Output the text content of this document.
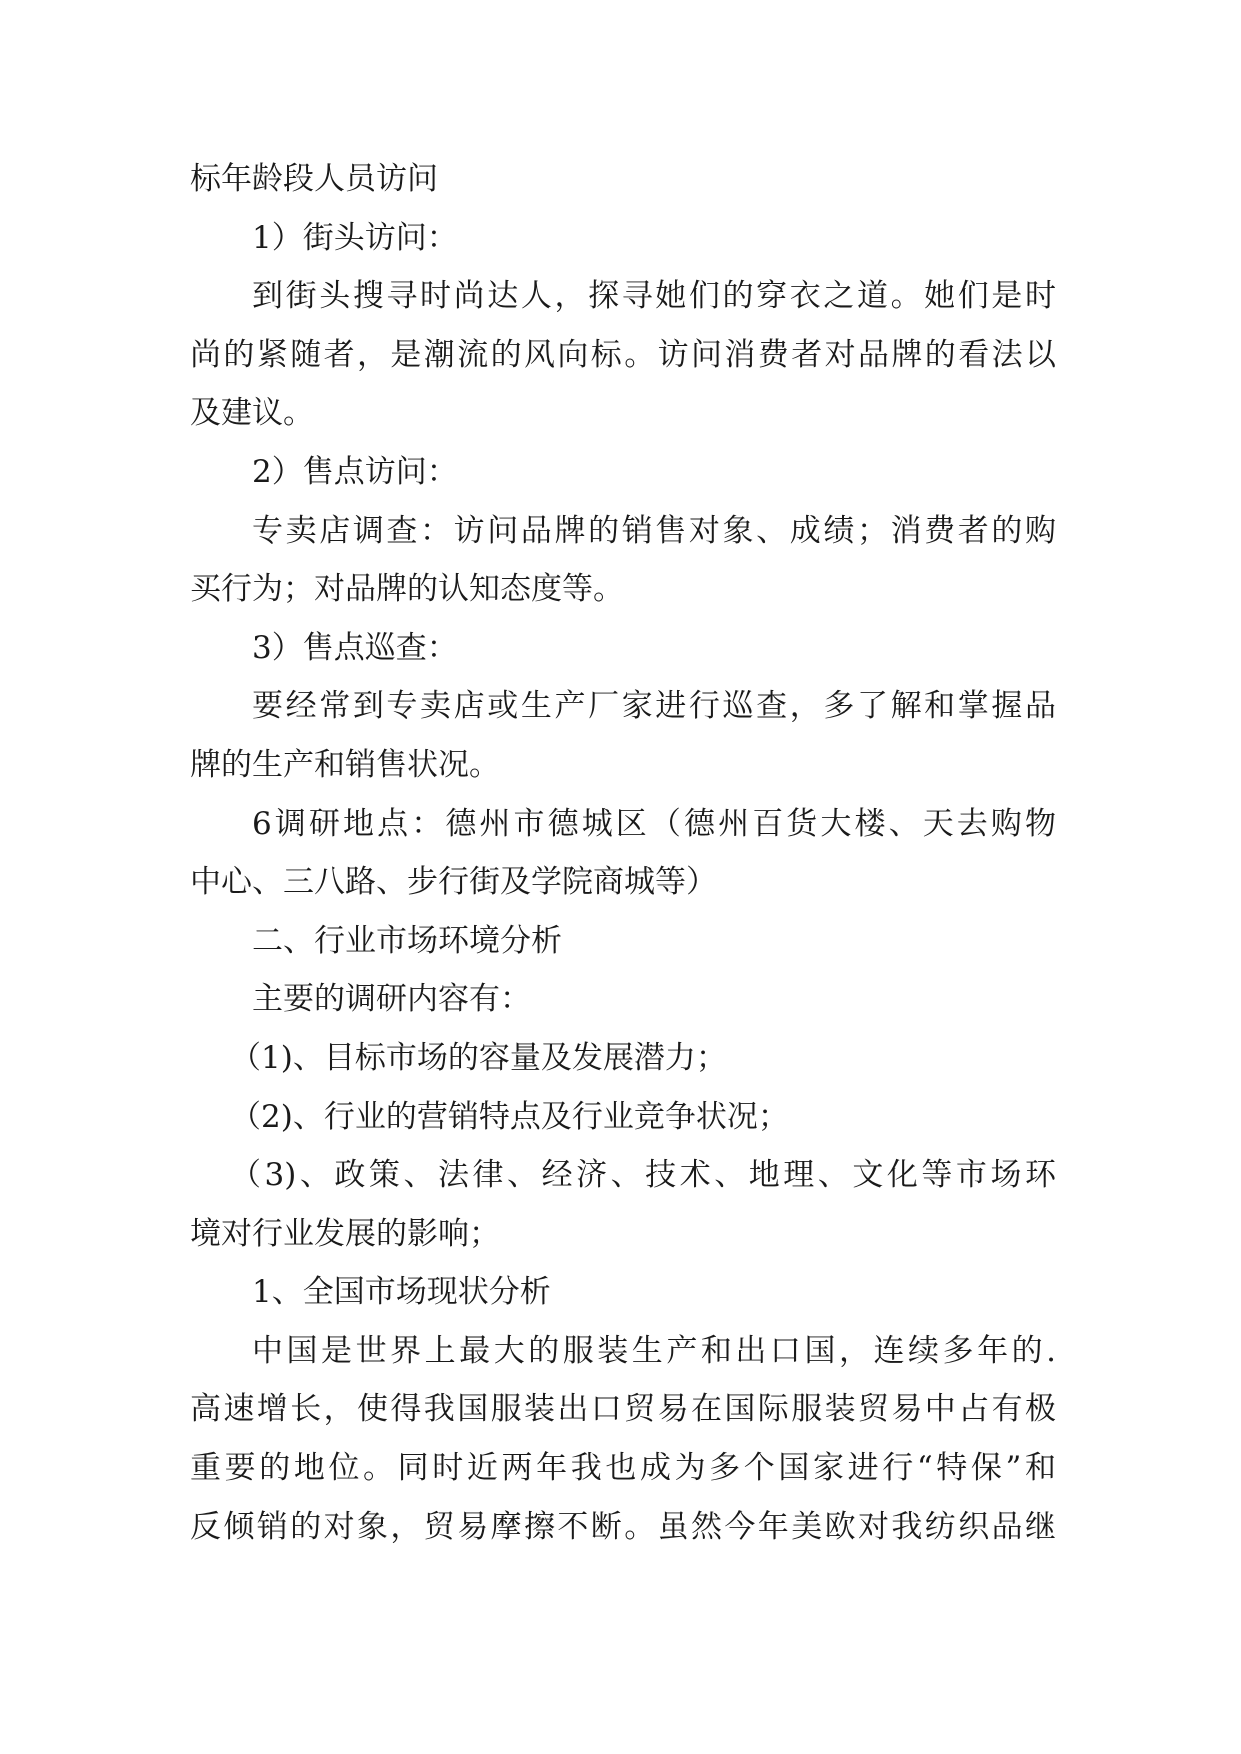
标年龄段人员访问
1）街头访问：
到街头搜寻时尚达人，探寻她们的穿衣之道。她们是时
尚的紧随者，是潮流的风向标。访问消费者对品牌的看法以
及建议。
2）售点访问：
专卖店调查：访问品牌的销售对象、成绩；消费者的购
买行为；对品牌的认知态度等。
3）售点巡查：
要经常到专卖店或生产厂家进行巡查，多了解和掌握品
牌的生产和销售状况。
6调研地点：德州市德城区（德州百货大楼、天去购物
中心、三八路、步行街及学院商城等）
二、行业市场环境分析
主要的调研内容有：
（1)、目标市场的容量及发展潜力；
（2)、行业的营销特点及行业竞争状况；
（3)、政策、法律、经济、技术、地理、文化等市场环
境对行业发展的影响；
1、全国市场现状分析
中国是世界上最大的服装生产和出口国，连续多年的.
高速增长，使得我国服装出口贸易在国际服装贸易中占有极
重要的地位。同时近两年我也成为多个国家进行“特保”和
反倾销的对象，贸易摩擦不断。虽然今年美欧对我纺织品继
